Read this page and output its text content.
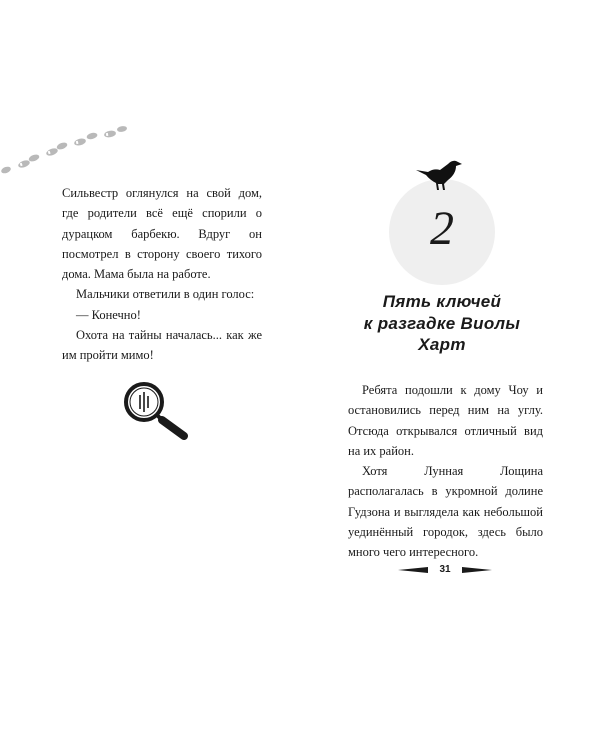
Сильвестр оглянулся на свой дом, где родители всё ещё спорили о дурацком барбекю. Вдруг он посмотрел в сторону своего тихого дома. Мама была на работе.

Мальчики ответили в один голос:

— Конечно!

Охота на тайны началась... как же им пройти мимо!

2
Пять ключей
к разгадке Виолы
Харт

Ребята подошли к дому Чоу и остановились перед ним на углу. Отсюда открывался отличный вид на их район.

Хотя Лунная Лощина располагалась в укромной долине Гудзона и выглядела как небольшой уединённый городок, здесь было много чего интересного.

31
